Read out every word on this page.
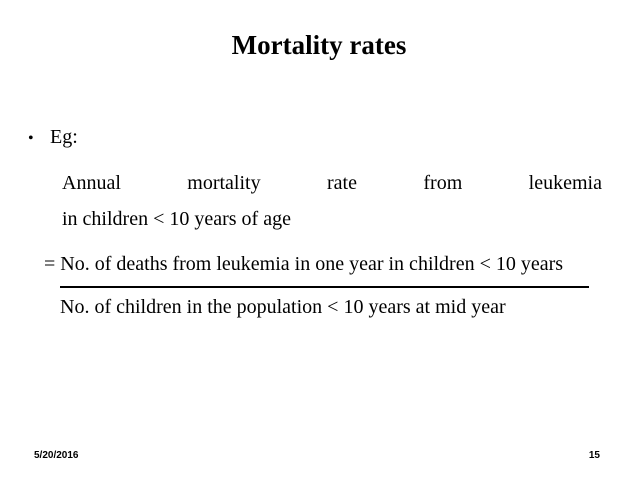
Mortality rates
• Eg:
Annual	mortality	rate	from	leukemia
in children < 10 years of age
= No. of deaths from leukemia in one year in children < 10 years
No. of children in the population < 10 years at mid year
5/20/2016	15
